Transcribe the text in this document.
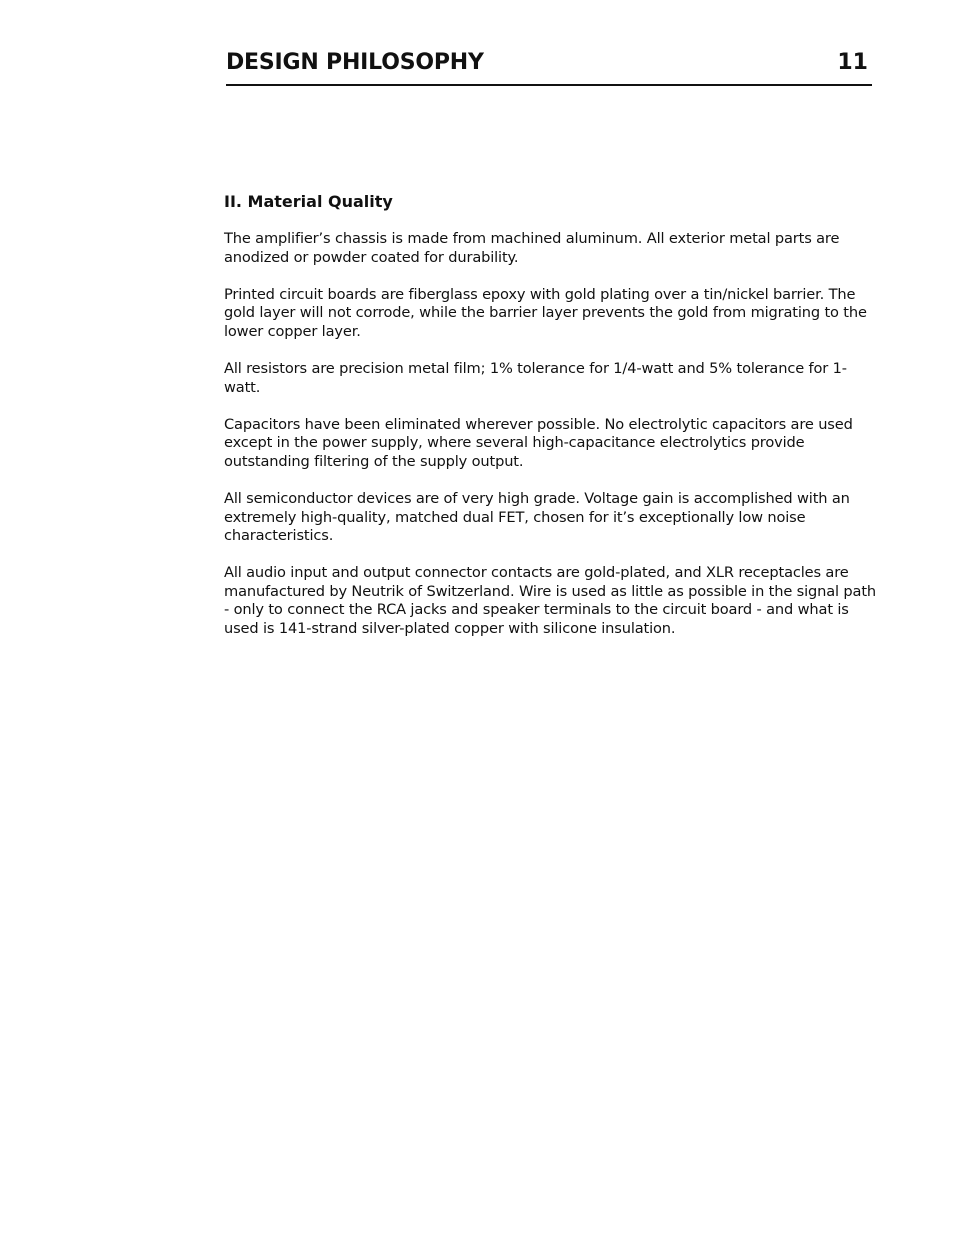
DESIGN PHILOSOPHY	11
II. Material Quality

The amplifier’s chassis is made from machined aluminum. All exterior metal parts are anodized or powder coated for durability.

Printed circuit boards are fiberglass epoxy with gold plating over a tin/nickel barrier. The gold layer will not corrode, while the barrier layer prevents the gold from migrating to the lower copper layer.

All resistors are precision metal film; 1% tolerance for 1/4-watt and 5% tolerance for 1-watt.

Capacitors have been eliminated wherever possible. No electrolytic capacitors are used except in the power supply, where several high-capacitance electrolytics provide outstanding filtering of the supply output.

All semiconductor devices are of very high grade. Voltage gain is accomplished with an extremely high-quality, matched dual FET, chosen for it’s exceptionally low noise characteristics.

All audio input and output connector contacts are gold-plated, and XLR receptacles are manufactured by Neutrik of Switzerland. Wire is used as little as possible in the signal path - only to connect the RCA jacks and speaker terminals to the circuit board - and what is used is 141-strand silver-plated copper with silicone insulation.
